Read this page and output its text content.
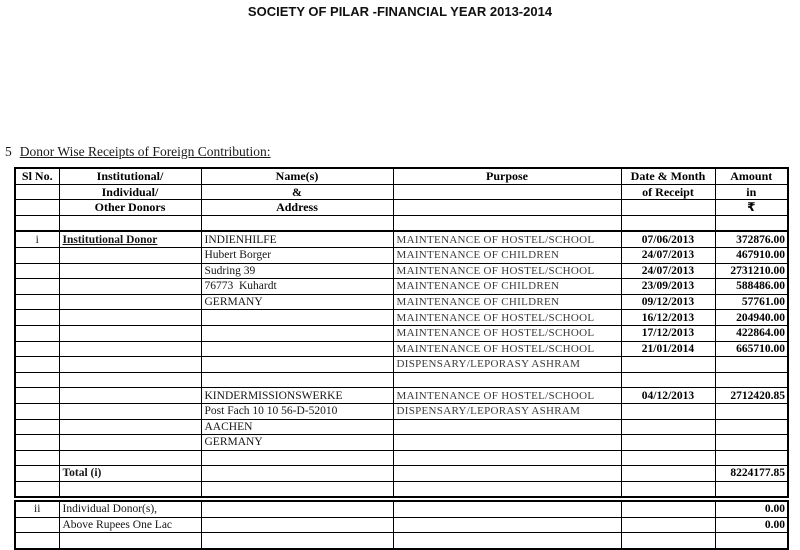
SOCIETY OF PILAR -FINANCIAL YEAR 2013-2014
5 Donor Wise Receipts of Foreign Contribution:
Sl No.	Institutional/	Name(s)	Purpose	Date & Month	Amount
	Individual/	&		of Receipt	in
	Other Donors	Address			₹

i	Institutional Donor	INDIENHILFE	MAINTENANCE OF HOSTEL/SCHOOL	07/06/2013	372876.00
		Hubert Borger	MAINTENANCE OF CHILDREN	24/07/2013	467910.00
		Sudring 39	MAINTENANCE OF HOSTEL/SCHOOL	24/07/2013	2731210.00
		76773  Kuhardt	MAINTENANCE OF CHILDREN	23/09/2013	588486.00
		GERMANY	MAINTENANCE OF CHILDREN	09/12/2013	57761.00
			MAINTENANCE OF HOSTEL/SCHOOL	16/12/2013	204940.00
			MAINTENANCE OF HOSTEL/SCHOOL	17/12/2013	422864.00
			MAINTENANCE OF HOSTEL/SCHOOL	21/01/2014	665710.00
			DISPENSARY/LEPORASY ASHRAM		

		KINDERMISSIONSWERKE	MAINTENANCE OF HOSTEL/SCHOOL	04/12/2013	2712420.85
		Post Fach 10 10 56-D-52010	DISPENSARY/LEPORASY ASHRAM		
		AACHEN			
		GERMANY			

	Total (i)				8224177.85

ii	Individual Donor(s),				0.00
	Above Rupees One Lac				0.00
